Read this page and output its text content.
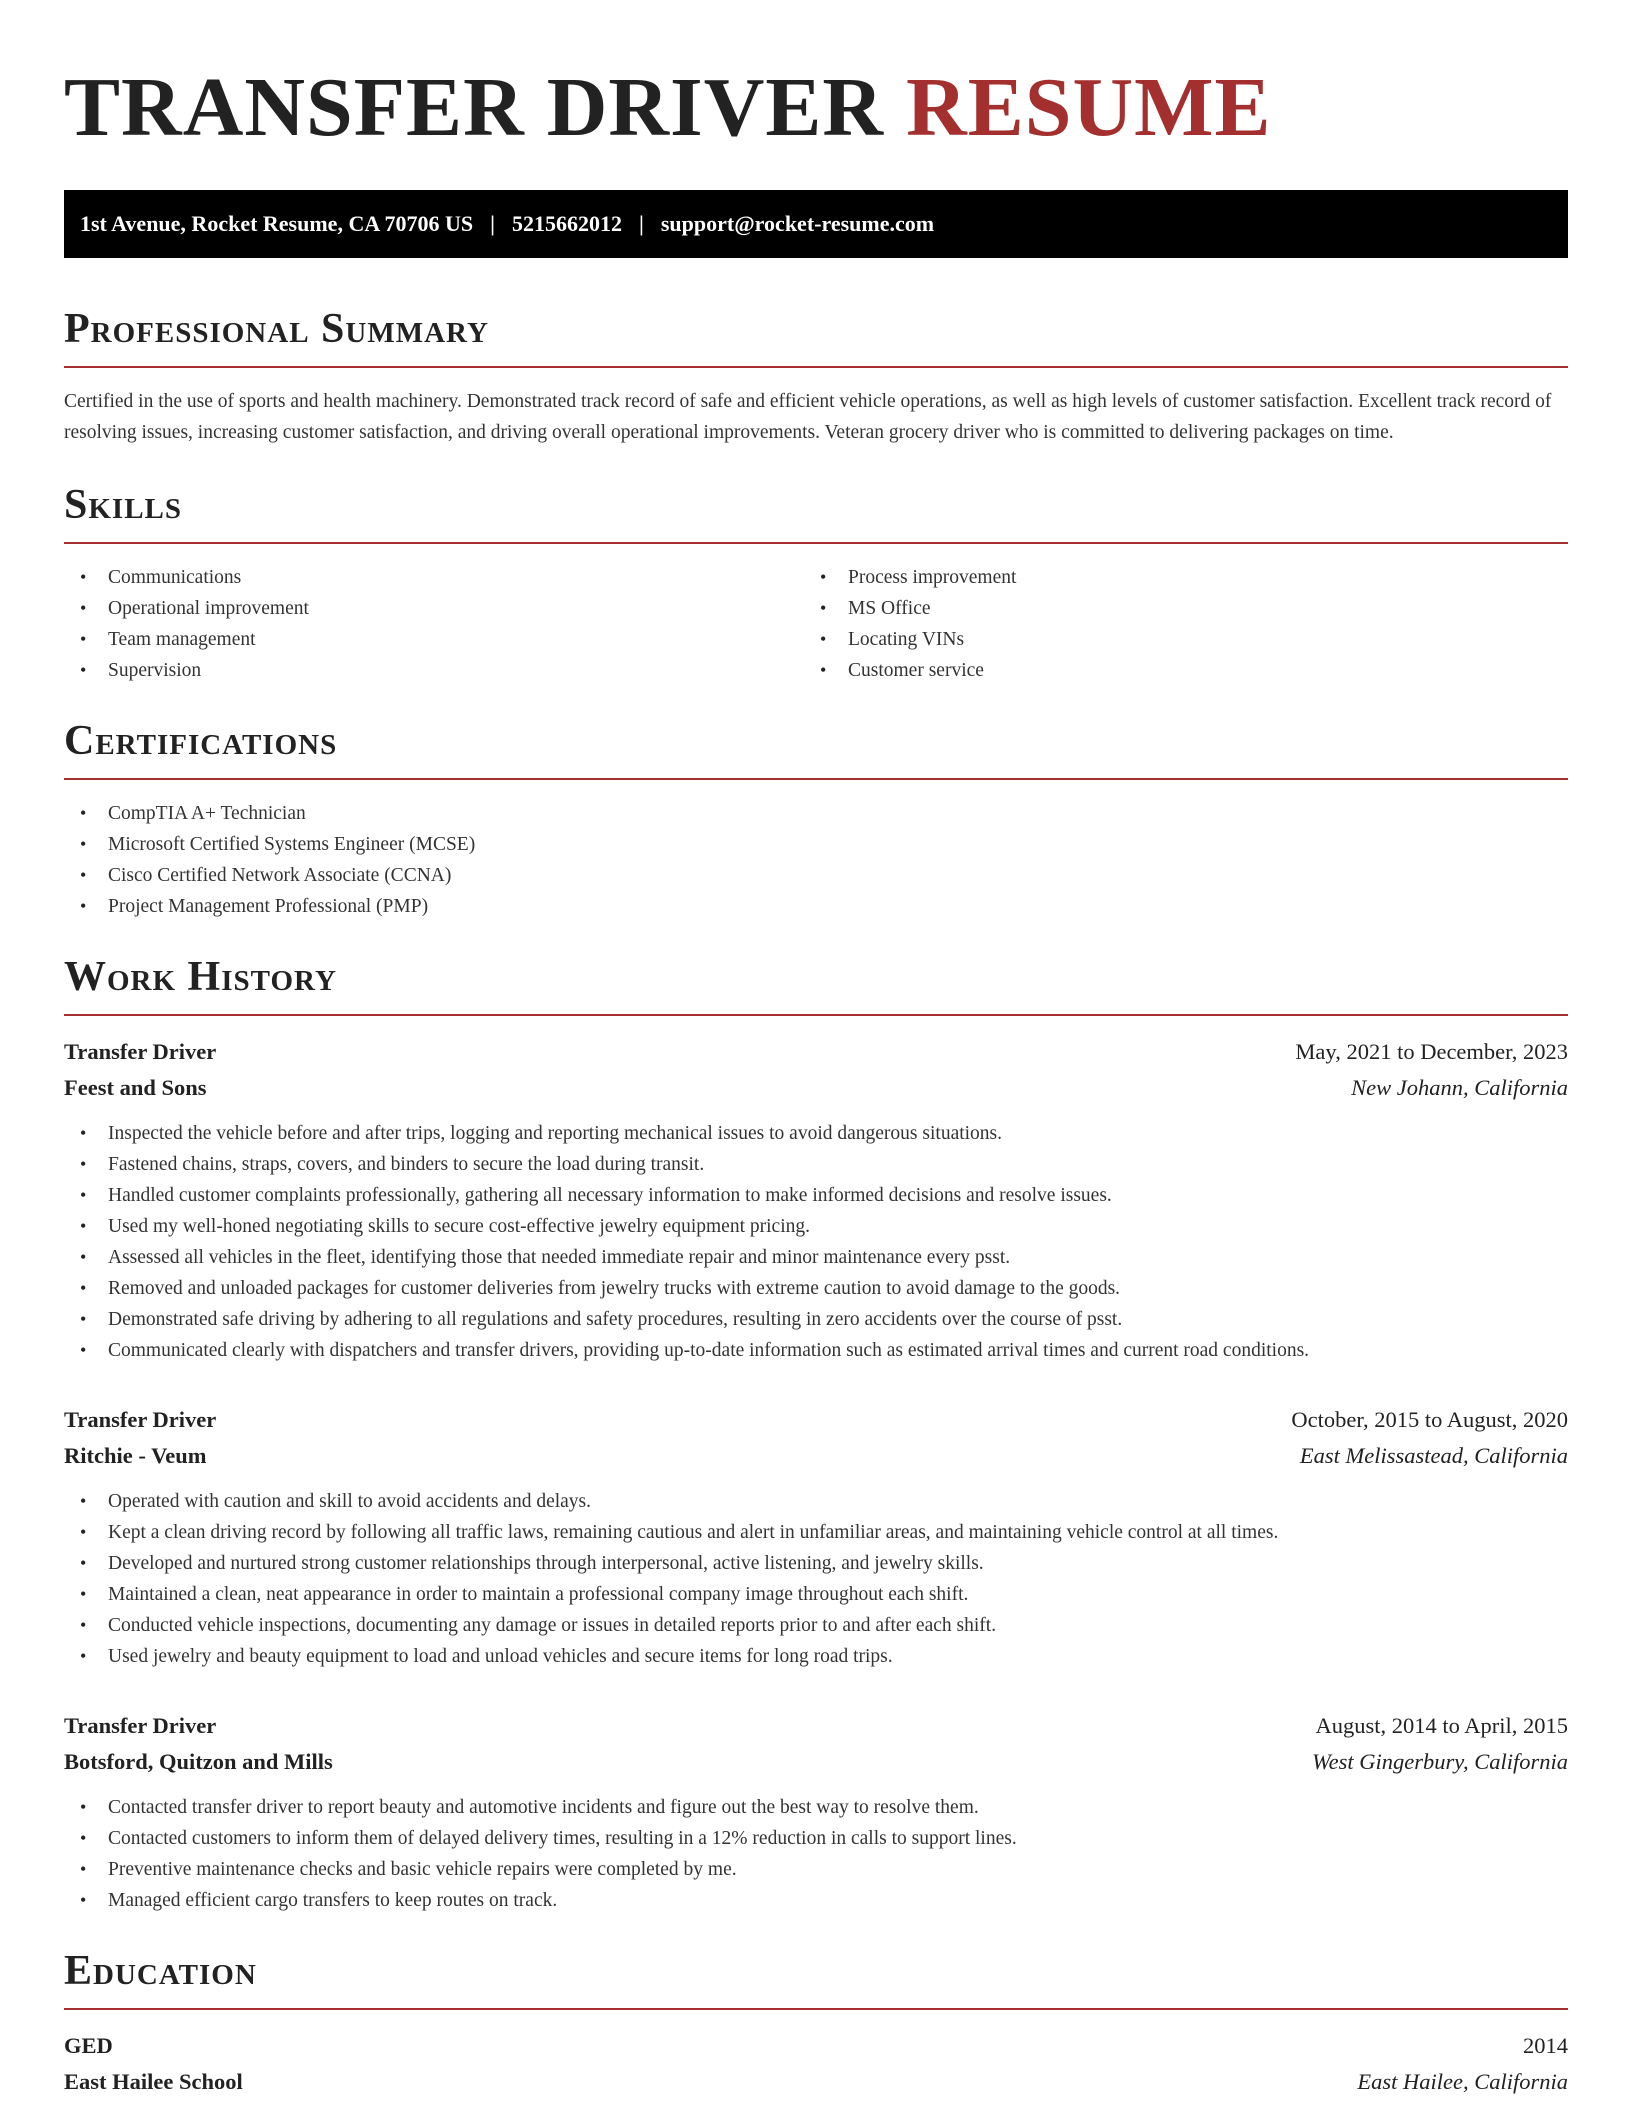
TRANSFER DRIVER RESUME
1st Avenue, Rocket Resume, CA 70706 US | 5215662012 | support@rocket-resume.com
Professional Summary

Certified in the use of sports and health machinery. Demonstrated track record of safe and efficient vehicle operations, as well as high levels of customer satisfaction. Excellent track record of resolving issues, increasing customer satisfaction, and driving overall operational improvements. Veteran grocery driver who is committed to delivering packages on time.

Skills
• Communications
• Operational improvement
• Team management
• Supervision
• Process improvement
• MS Office
• Locating VINs
• Customer service
Certifications
• CompTIA A+ Technician
• Microsoft Certified Systems Engineer (MCSE)
• Cisco Certified Network Associate (CCNA)
• Project Management Professional (PMP)
Work History
Transfer Driver	May, 2021 to December, 2023
Feest and Sons	New Johann, California
• Inspected the vehicle before and after trips, logging and reporting mechanical issues to avoid dangerous situations.
• Fastened chains, straps, covers, and binders to secure the load during transit.
• Handled customer complaints professionally, gathering all necessary information to make informed decisions and resolve issues.
• Used my well-honed negotiating skills to secure cost-effective jewelry equipment pricing.
• Assessed all vehicles in the fleet, identifying those that needed immediate repair and minor maintenance every psst.
• Removed and unloaded packages for customer deliveries from jewelry trucks with extreme caution to avoid damage to the goods.
• Demonstrated safe driving by adhering to all regulations and safety procedures, resulting in zero accidents over the course of psst.
• Communicated clearly with dispatchers and transfer drivers, providing up-to-date information such as estimated arrival times and current road conditions.
Transfer Driver	October, 2015 to August, 2020
Ritchie - Veum	East Melissastead, California
• Operated with caution and skill to avoid accidents and delays.
• Kept a clean driving record by following all traffic laws, remaining cautious and alert in unfamiliar areas, and maintaining vehicle control at all times.
• Developed and nurtured strong customer relationships through interpersonal, active listening, and jewelry skills.
• Maintained a clean, neat appearance in order to maintain a professional company image throughout each shift.
• Conducted vehicle inspections, documenting any damage or issues in detailed reports prior to and after each shift.
• Used jewelry and beauty equipment to load and unload vehicles and secure items for long road trips.
Transfer Driver	August, 2014 to April, 2015
Botsford, Quitzon and Mills	West Gingerbury, California
• Contacted transfer driver to report beauty and automotive incidents and figure out the best way to resolve them.
• Contacted customers to inform them of delayed delivery times, resulting in a 12% reduction in calls to support lines.
• Preventive maintenance checks and basic vehicle repairs were completed by me.
• Managed efficient cargo transfers to keep routes on track.
Education
GED	2014
East Hailee School	East Hailee, California
